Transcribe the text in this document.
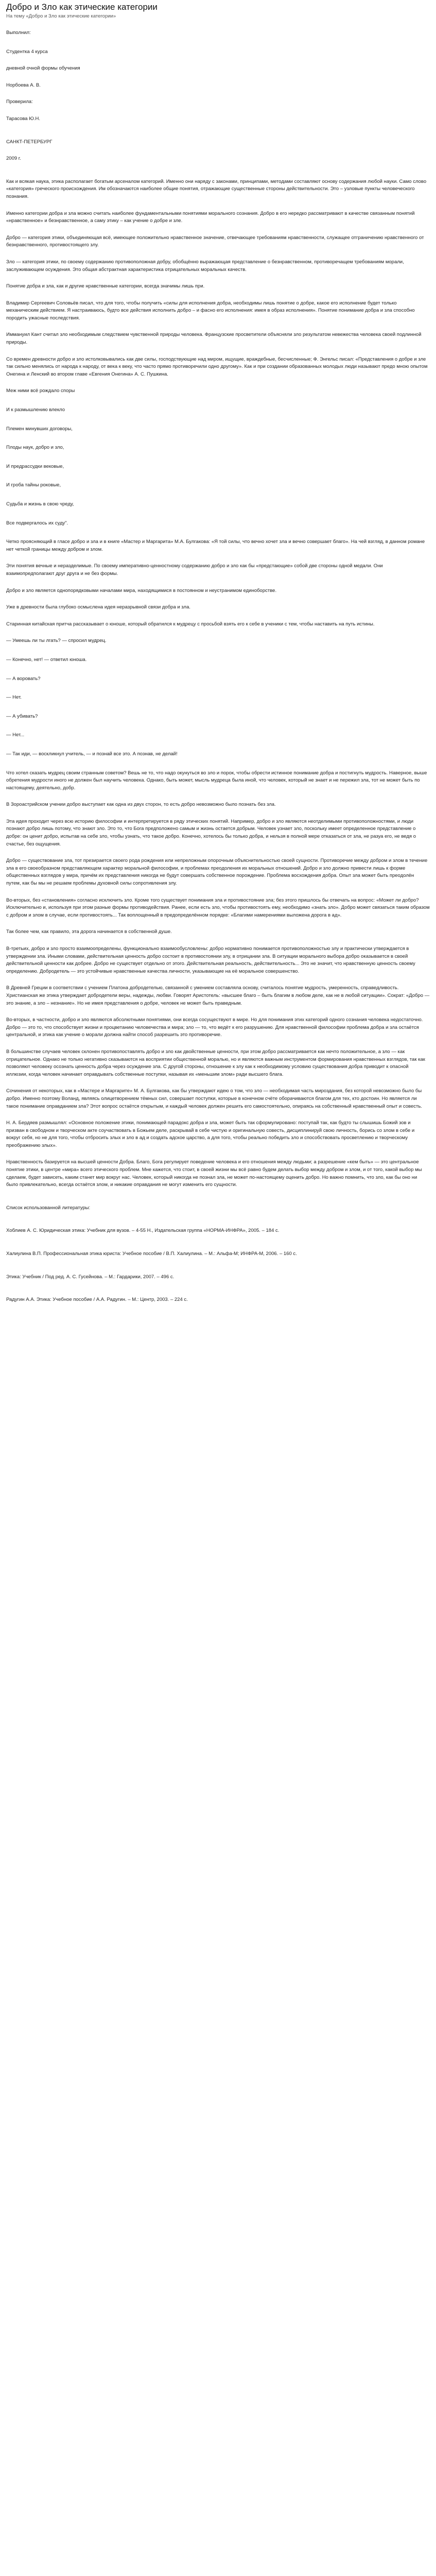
Добро и Зло как этические категории
На тему «Добро и Зло как этические категории»

Выполнил:

Студентка 4 курса

дневной очной формы обучения

Норбоева А. В.

Проверила:

Тарасова Ю.Н.

САНКТ-ПЕТЕРБУРГ

2009 г.

Как и всякая наука, этика располагает богатым арсеналом категорий. Именно они наряду с законами, принципами, методами составляют основу содержания любой науки. Само слово «категория» греческого происхождения. Им обозначаются наиболее общие понятия, отражающие существенные стороны действительности. Это – узловые пункты человеческого познания.

Именно категории добра и зла можно считать наиболее фундаментальными понятиями морального сознания. Добро в его нередко рассматривают в качестве связанным понятий «нравственное» и безнравственное, а саму этику – как учение о добре и зле.

Добро — категория этики, объединяющая всё, имеющее положительно нравственное значение, отвечающее требованиям нравственности, служащее отграничению нравственного от безнравственного, противостоящего злу.

Зло — категория этики, по своему содержанию противоположная добру, обобщённо выражающая представление о безнравственном, противоречащем требованиям морали, заслуживающем осуждения. Это общая абстрактная характеристика отрицательных моральных качеств.

Понятие добра и зла, как и другие нравственные категории, всегда значимы лишь при.

Владимир Сергеевич Соловьёв писал, что для того, чтобы получить «силы для исполнения добра, необходимы лишь понятие о добре, какое его исполнение будет только механическим действием. Я настраиваюсь, будто все действия исполнить добро – и фасно его исполнения: имея в образ исполнения». Понятие понимание добра и зла способно породить ужасные последствия.

Иммануил Кант считал зло необходимым следствием чувственной природы человека. Французские просветители объясняли зло результатом невежества человека своей подлинной природы.

Со времен древности добро и зло истолковывались как две силы, господствующие над миром, ищущие, враждебные, бесчисленные; Ф. Энгельс писал: «Представления о добре и зле так сильно менялись от народа к народу, от века к веку, что часто прямо противоречили одно другому». Как и при создании образованных молодых люди называют предо мною опытом Онегина и Ленский во втором главе «Евгения Онегина» А. С. Пушкина.

Меж ними всё рождало споры

И к размышлению влекло

Племен минувших договоры,

Плоды наук, добро и зло,

И предрассудки вековые,

И гроба тайны роковые,

Судьба и жизнь в свою чреду,

Все подвергалось их суду".

Четко проясняющий в гласе добро и зла и в книге «Мастер и Маргарита» М.А. Булгакова: «Я той силы, что вечно хочет зла и вечно совершает благо». На чей взгляд, в данном романе нет четкой границы между добром и злом.

Эти понятия вечные и неразделимые. По своему императивно-ценностному содержанию добро и зло как бы «предстающие» собой две стороны одной медали. Они взаимопредполагают друг друга и не без формы.

Добро и зло является однопорядковыми началами мира, находящимися в постоянном и неустранимом единоборстве.

Уже в древности была глубоко осмыслена идея неразрывной связи добра и зла.

Старинная китайская притча рассказывает о юноше, который обратился к мудрецу с просьбой взять его к себе в ученики с тем, чтобы наставить на путь истины.

— Умеешь ли ты лгать? — спросил мудрец.

— Конечно, нет! — ответил юноша.

— А воровать?

— Нет.

— А убивать?

— Нет...

— Так иди, — воскликнул учитель, — и познай все это. А познав, не делай!

Что хотел сказать мудрец своим странным советом? Вешь не то, что надо окунуться во зло и порок, чтобы обрести истинное понимание добра и постигнуть мудрость. Наверное, выше обретения мудрости иного не должен был научить человека. Однако, быть может, мысль мудреца была иной, что человек, который не знает и не пережил зла, тот не может быть по настоящему, деятельно, добр.

В Зороастрийском учении добро выступает как одна из двух сторон, то есть добро невозможно было познать без зла.

Эта идея проходит через всю историю философии и интерпретируется в ряду этических понятий. Например, добро и зло являются неотделимыми противоположностями, и люди познают добро лишь потому, что знают зло. Это то, что Бога предположено самым и жизнь остается добрым. Человек узнает зло, поскольку имеет определенное представление о добре: он ценит добро, испытав на себе зло, чтобы узнать, что такое добро. Конечно, хотелось бы только добра, и нельзя в полной мере отказаться от зла, не разуа его, не ведя о счастье, без ощущения.

Добро — существование зла, тот презирается своего рода рождения или непреложным опорочным объяснительностью своей сущности. Противоречие между добром и злом в течение зла в его своеобразном представляющем характер моральной философии, и проблемах преодоления их моральных отношений. Добро и зло должно привести лишь к форме общественных взглядов у мира, причём их представления никогда не будут совершать собственное порождение. Проблема восхождения добра. Опыт зла может быть преодолён путем, как бы мы не решаем проблемы духовной силы сопротивления злу.

Во-вторых, без «становления» согласно исключить зло. Кроме того существует понимания зла и противостояние зла; без этого пришлось бы отвечать на вопрос: «Может ли добро? Исключительно и, используя при этом разные формы противодействия. Ранее, если есть зло, чтобы противостоять ему, необходимо «знать зло». Добро может связаться таким образом с добром и злом в случае, если противостоять... Так воплощенный в предопределённом порядке: «Благими намерениями выложена дорога в ад».

Так более чем, как правило, эта дорога начинается в собственной душе.

В-третьих, добро и зло просто взаимоопределены, функционально взаимообусловлены: добро нормативно понимается противоположностью злу и практически утверждается в утверждении зла. Иными словами, действительная ценность добро состоит в противостоянии злу, в отрицании зла. В ситуации морального выбора добро оказывается в своей действительной ценности как добрее. Добро не существует отдельно от этого. Действительная реальность, действительность... Это не значит, что нравственную ценность своему определению. Добродетель — это устойчивые нравственные качества личности, указывающие на её моральное совершенство.

В Древней Греции в соответствии с учением Платона добродетелью, связанной с умением составляла основу, считалось понятие мудрость, умеренность, справедливость. Христианская же этика утверждает добродетели веры, надежды, любви. Говорят Аристотель: «высшее благо – быть благим в любом деле, как не в любой ситуации». Сократ: «Добро — это знание, а зло – незнание». Но не имея представления о добре, человек не может быть праведным.

Во-вторых, в частности, добро и зло являются абсолютными понятиями, они всегда сосуществуют в мире. Но для понимания этих категорий одного сознания человека недостаточно. Добро — это то, что способствует жизни и процветанию человечества и мира; зло — то, что ведёт к его разрушению. Для нравственной философии проблема добра и зла остаётся центральной, и этика как учение о морали должна найти способ разрешить это противоречие.

В большинстве случаев человек склонен противопоставлять добро и зло как двойственные ценности, при этом добро рассматривается как нечто положительное, а зло — как отрицательное. Однако не только негативно сказываются на восприятии общественной моралью, но и являются важным инструментом формирования нравственных взглядов, так как позволяют человеку осознать ценность добра через осуждение зла. С другой стороны, отношение к злу как к необходимому условию существования добра приводит к опасной иллюзии, когда человек начинает оправдывать собственные поступки, называя их «меньшим злом» ради высшего блага.

Сочинения от некоторых, как в «Мастере и Маргарите» М. А. Булгакова, как бы утверждают идею о том, что зло — необходимая часть мироздания, без которой невозможно было бы добро. Именно поэтому Воланд, являясь олицетворением тёмных сил, совершает поступки, которые в конечном счёте оборачиваются благом для тех, кто достоин. Но является ли такое понимание оправданием зла? Этот вопрос остаётся открытым, и каждый человек должен решить его самостоятельно, опираясь на собственный нравственный опыт и совесть.

Н. А. Бердяев размышлял: «Основное положение этики, понимающей парадокс добра и зла, может быть так сформулировано: поступай так, как будто ты слышишь Божий зов и призван в свободном и творческом акте соучаствовать в Божьем деле, раскрывай в себе чистую и оригинальную совесть, дисциплинируй свою личность, борись со злом в себе и вокруг себя, но не для того, чтобы отбросить злых и зло в ад и создать адское царство, а для того, чтобы реально победить зло и способствовать просветлению и творческому преображению злых».

Нравственность базируется на высшей ценности Добра. Благо, Бога регулирует поведение человека и его отношения между людьми; а разрешение «кем быть» — это центральное понятие этики, в центре «мира» всего этического проблем. Мне кажется, что стоит, в своей жизни мы всё равно будем делать выбор между добром и злом, и от того, какой выбор мы сделаем, будет зависеть, каким станет мир вокруг нас. Человек, который никогда не познал зла, не может по-настоящему оценить добро. Но важно помнить, что зло, как бы оно ни было привлекательно, всегда остаётся злом, и никакие оправдания не могут изменить его сущности.

Список использованной литературы:

Хоблиев А. С. Юридическая этика: Учебник для вузов. – 4-55 Н., Издательская группа «НОРМА-ИНФРА», 2005. – 184 с.

Халиулина В.П. Профессиональная этика юриста: Учебное пособие / В.П. Халиулина. – М.: Альфа-М; ИНФРА-М, 2006. – 160 с.

Этика: Учебник / Под ред. А. С. Гусейнова. – М.: Гардарики, 2007. – 496 с.

Радугин А.А. Этика: Учебное пособие / А.А. Радугин. – М.: Центр, 2003. – 224 с.
